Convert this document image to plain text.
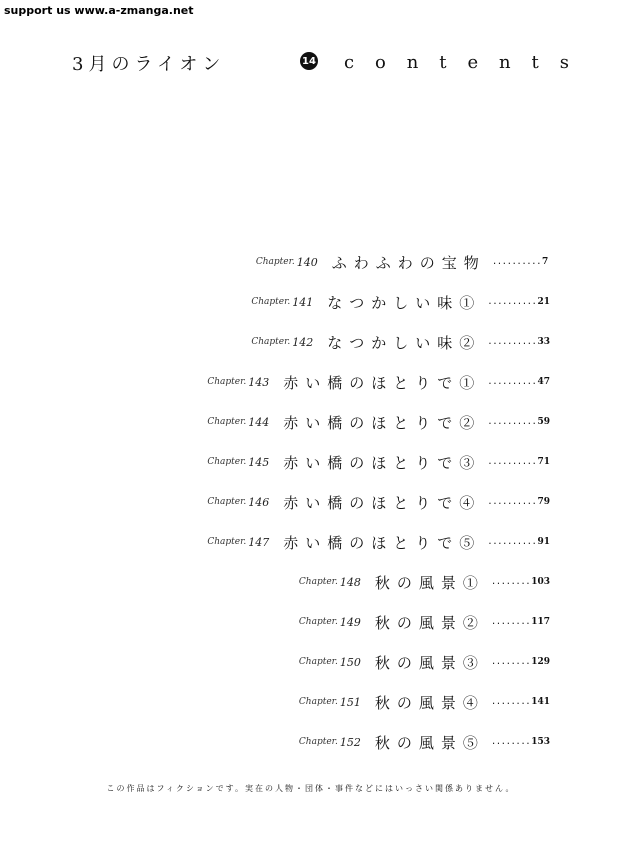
support us www.a-zmanga.net
3月のライオン	14 c o n t e n t s
Chapter. 140 ふわふわの宝物 .......... 7
Chapter. 141 なつかしい味① .......... 21
Chapter. 142 なつかしい味② .......... 33
Chapter. 143 赤い橋のほとりで① .......... 47
Chapter. 144 赤い橋のほとりで② .......... 59
Chapter. 145 赤い橋のほとりで③ .......... 71
Chapter. 146 赤い橋のほとりで④ .......... 79
Chapter. 147 赤い橋のほとりで⑤ .......... 91
Chapter. 148 秋の風景① ........ 103
Chapter. 149 秋の風景② ........ 117
Chapter. 150 秋の風景③ ........ 129
Chapter. 151 秋の風景④ ........ 141
Chapter. 152 秋の風景⑤ ........ 153
この作品はフィクションです。実在の人物・団体・事件などにはいっさい関係ありません。
